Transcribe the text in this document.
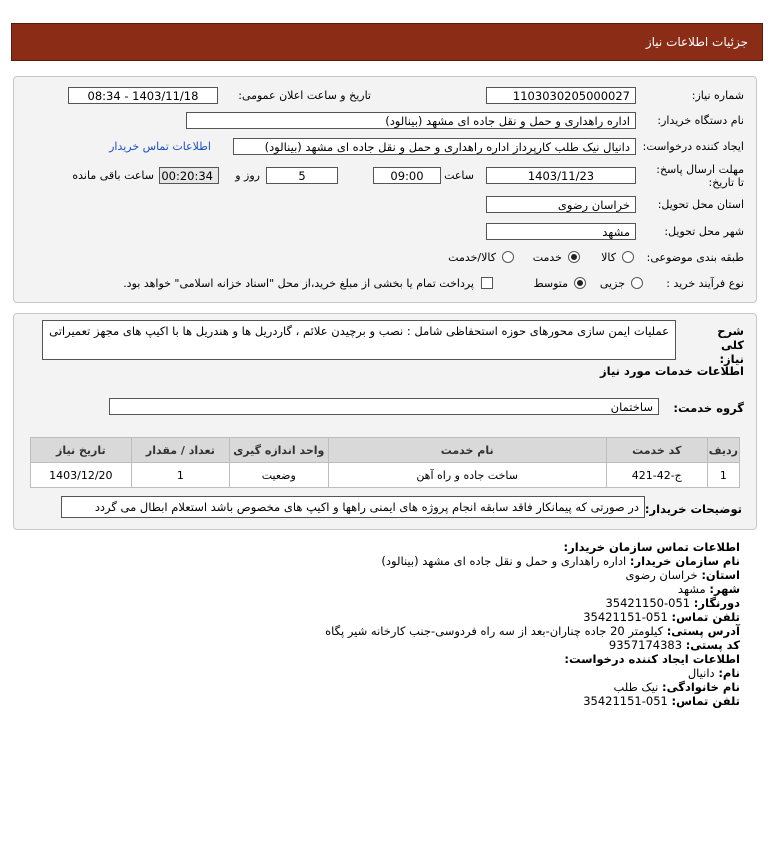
جزئیات اطلاعات نیاز
شماره نیاز:
1103030205000027
تاریخ و ساعت اعلان عمومی:
1403/11/18 - 08:34
نام دستگاه خریدار:
اداره راهداری و حمل و نقل جاده ای مشهد (بینالود)
ایجاد کننده درخواست:
دانیال نیک طلب کارپرداز اداره راهداری و حمل و نقل جاده ای مشهد (بینالود)
اطلاعات تماس خریدار
مهلت ارسال پاسخ: تا تاریخ:
1403/11/23
ساعت
09:00
5
روز و
00:20:34
ساعت باقی مانده
استان محل تحویل:
خراسان رضوی
شهر محل تحویل:
مشهد
طبقه بندی موضوعی:
کالا
خدمت
کالا/خدمت
نوع فرآیند خرید :
جزیی
متوسط
پرداخت تمام یا بخشی از مبلغ خرید،از محل "اسناد خزانه اسلامی" خواهد بود.
شرح کلی نیاز:
عملیات ایمن سازی محورهای حوزه استحفاظی شامل : نصب و برچیدن علائم ، گاردریل ها و هندریل ها با اکیپ های مجهز تعمیراتی
اطلاعات خدمات مورد نیاز
گروه خدمت:
ساختمان
ردیف	کد خدمت	نام خدمت	واحد اندازه گیری	تعداد / مقدار	تاریخ نیاز
1	ج-42-421	ساخت جاده و راه آهن	وضعیت	1	1403/12/20
توضیحات خریدار:
در صورتی که پیمانکار فاقد سابقه انجام پروژه های ایمنی راهها و اکیپ های مخصوص باشد استعلام ابطال می گردد
اطلاعات تماس سازمان خریدار:
نام سازمان خریدار: اداره راهداری و حمل و نقل جاده ای مشهد (بینالود)
استان: خراسان رضوی
شهر: مشهد
دورنگار: 051-35421150
تلفن تماس: 051-35421151
آدرس پستی: کیلومتر 20 جاده چناران-بعد از سه راه فردوسی-جنب کارخانه شیر پگاه
کد پستی: 9357174383
اطلاعات ایجاد کننده درخواست:
نام: دانیال
نام خانوادگی: نیک طلب
تلفن تماس: 051-35421151
